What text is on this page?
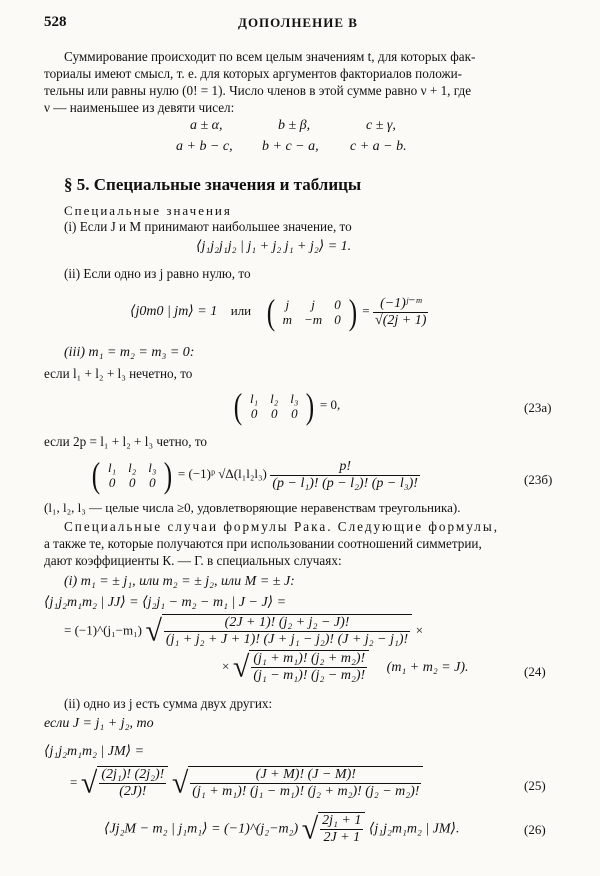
528	ДОПОЛНЕНИЕ В
Суммирование происходит по всем целым значениям t, для которых фак-
ториалы имеют смысл, т. е. для которых аргументов факториалов положи-
тельны или равны нулю (0! = 1). Число членов в этой сумме равно ν + 1, где
ν — наименьшее из девяти чисел:
a ± α,	b ± β,	c ± γ,
a + b − c, b + c − a, c + a − b.
§ 5. Специальные значения и таблицы
Специальные значения
(i) Если J и M принимают наибольшее значение, то
⟨j₁j₂j₁j₂ | j₁ + j₂ j₁ + j₂⟩ = 1.
(ii) Если одно из j равно нулю, то
⟨j0m0 | jm⟩ = 1 или ( j	j	0
m	−m	0 ) = $\frac{\text{(−1)ʲ⁻ᵐ}}{√(2j + 1)}$
(iii) m₁ = m₂ = m₃ = 0:
если l₁ + l₂ + l₃ нечетно, то
( l₁	l₂	l₃
0	0	0 ) = 0,	(23а)
если 2p = l₁ + l₂ + l₃ четно, то
( l₁	l₂	l₃
0	0	0 ) = (−1)ᵖ $√\Delta(l_1l_2l_3) \frac{p!}{\text{(p − l₁)! (p − l₂)! (p − l₃)!}}$	(23б)
(l₁, l₂, l₃ — целые числа ≥0, удовлетворяющие неравенствам треугольника).
Специальные случаи формулы Рака. Следующие формулы,
а также те, которые получаются при использовании соотношений симметрии,
дают коэффициенты К. — Г. в специальных случаях:
(i) m₁ = ± j₁, или m₂ = ± j₂, или M = ± J:
⟨j₁j₂m₁m₂ | JJ⟩ = ⟨j₂j₁ − m₂ − m₁ | J − J⟩ =
= (−1)^(j₁−m₁) √ $\frac{\text{(2J + 1)! (j₂ + j₂ − J)!}}{\text{(j₁ + j₂ + J + 1)! (J + j₁ − j₂)! (J + j₂ − j₁)!}}$ ×
× √ $\frac{\text{(j₁ + m₁)! (j₂ + m₂)!}}{\text{(j₁ − m₁)! (j₂ − m₂)!}} (m_1 + m_2 = J)$.	(24)
(ii) одно из j есть сумма двух других:
если J = j₁ + j₂, то
⟨j₁j₂m₁m₂ | JM⟩ =
= √ $\frac{\text{(2j₁)! (2j₂)!}}{(2J)!}$ √ $\frac{(J + M)! (J - M)!}{\text{(j₁ + m₁)! (j₁ − m₁)! (j₂ + m₂)! (j₂ − m₂)!}}$	(25)
⟨Jj₂M − m₂ | j₁m₁⟩ = (−1)^(j₂−m₂) √ $\frac{\text{2j₁ + 1}}{2J + 1}$ ⟨j₁j₂m₁m₂ | JM⟩.	(26)
